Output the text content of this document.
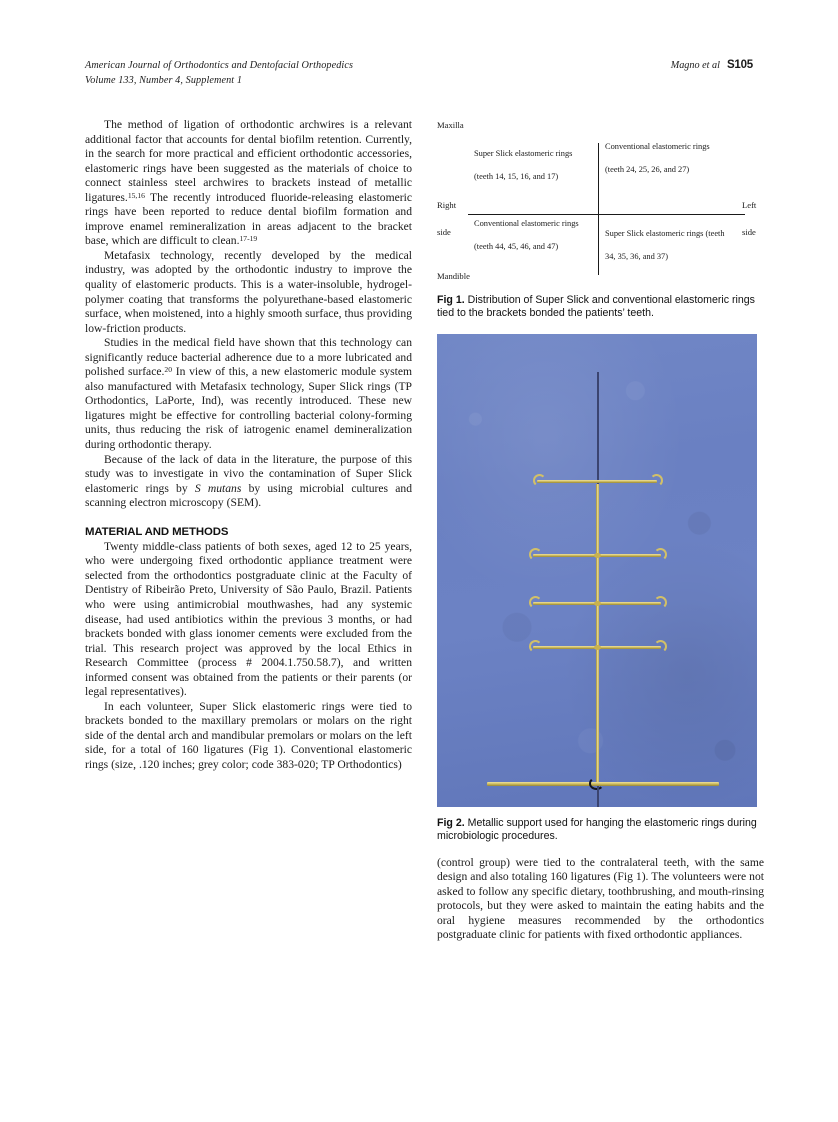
American Journal of Orthodontics and Dentofacial Orthopedics
Volume 133, Number 4, Supplement 1
Magno et al S105

The method of ligation of orthodontic archwires is a relevant additional factor that accounts for dental biofilm retention. Currently, in the search for more practical and efficient orthodontic accessories, elastomeric rings have been suggested as the materials of choice to connect stainless steel archwires to brackets instead of metallic ligatures.$^{15,16}$ The recently introduced fluoride-releasing elastomeric rings have been reported to reduce dental biofilm formation and improve enamel remineralization in areas adjacent to the bracket base, which are difficult to clean.$^{17-19}$

Metafasix technology, recently developed by the medical industry, was adopted by the orthodontic industry to improve the quality of elastomeric products. This is a water-insoluble, hydrogel-polymer coating that transforms the polyurethane-based elastomeric surface, when moistened, into a highly smooth surface, thus providing low-friction products.

Studies in the medical field have shown that this technology can significantly reduce bacterial adherence due to a more lubricated and polished surface.$^{20}$ In view of this, a new elastomeric module system also manufactured with Metafasix technology, Super Slick rings (TP Orthodontics, LaPorte, Ind), was recently introduced. These new ligatures might be effective for controlling bacterial colony-forming units, thus reducing the risk of iatrogenic enamel demineralization during orthodontic therapy.

Because of the lack of data in the literature, the purpose of this study was to investigate in vivo the contamination of Super Slick elastomeric rings by S mutans by using microbial cultures and scanning electron microscopy (SEM).

MATERIAL AND METHODS

Twenty middle-class patients of both sexes, aged 12 to 25 years, who were undergoing fixed orthodontic appliance treatment were selected from the orthodontics postgraduate clinic at the Faculty of Dentistry of Ribeirão Preto, University of São Paulo, Brazil. Patients who were using antimicrobial mouthwashes, had any systemic disease, had used antibiotics within the previous 3 months, or had brackets bonded with glass ionomer cements were excluded from the trial. This research project was approved by the local Ethics in Research Committee (process # 2004.1.750.58.7), and written informed consent was obtained from the patients or their parents (or legal representatives).

In each volunteer, Super Slick elastomeric rings were tied to brackets bonded to the maxillary premolars or molars on the right side of the dental arch and mandibular premolars or molars on the left side, for a total of 160 ligatures (Fig 1). Conventional elastomeric rings (size, .120 inches; grey color; code 383-020; TP Orthodontics)

Maxilla
Mandible
Right
side
Left
side
Super Slick elastomeric rings
(teeth 14, 15, 16, and 17)
Conventional elastomeric rings
(teeth 24, 25, 26, and 27)
Conventional elastomeric rings
(teeth 44, 45, 46, and 47)
Super Slick elastomeric rings (teeth
34, 35, 36, and 37)

Fig 1. Distribution of Super Slick and conventional elastomeric rings tied to the brackets bonded the patients’ teeth.

Fig 2. Metallic support used for hanging the elastomeric rings during microbiologic procedures.

(control group) were tied to the contralateral teeth, with the same design and also totaling 160 ligatures (Fig 1). The volunteers were not asked to follow any specific dietary, toothbrushing, and mouth-rinsing protocols, but they were asked to maintain the eating habits and the oral hygiene measures recommended by the orthodontics postgraduate clinic for patients with fixed orthodontic appliances.
